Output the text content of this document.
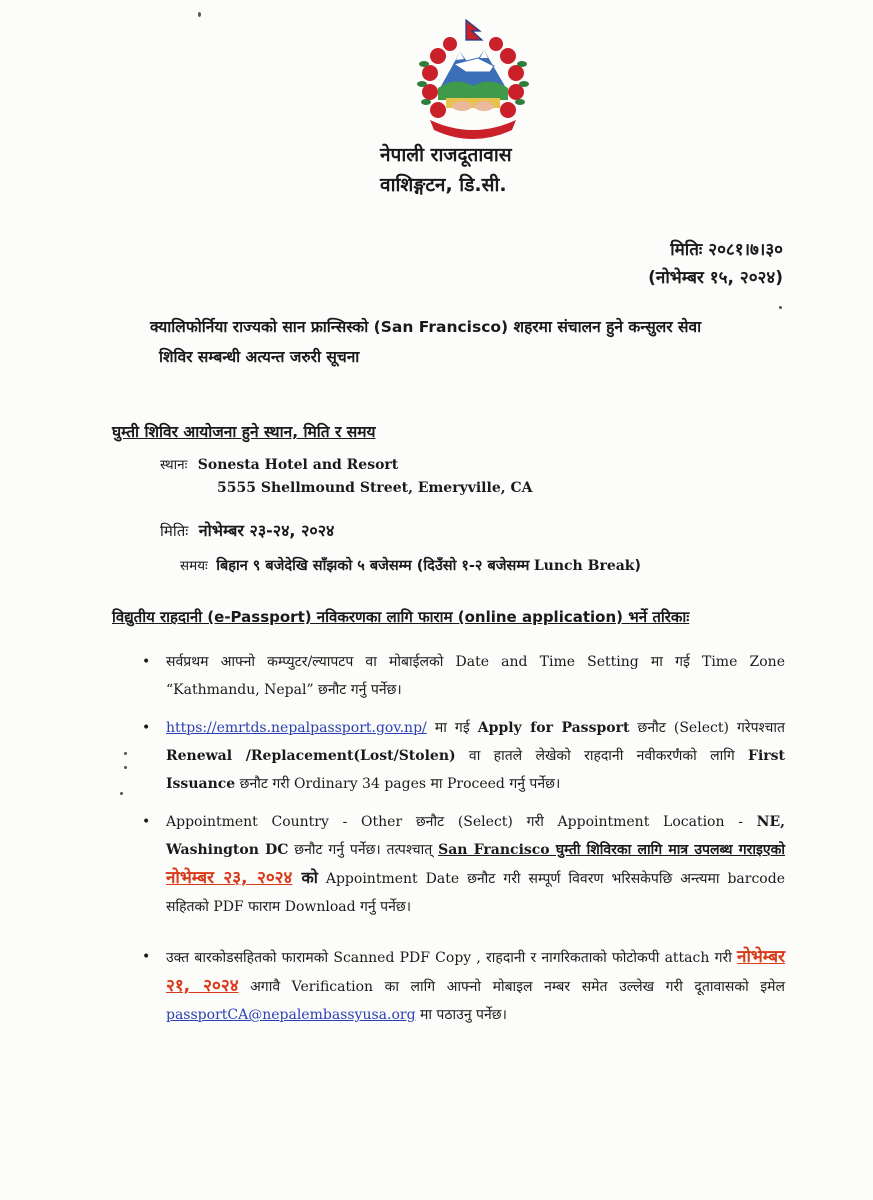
जननी जन्मभूमिश्च स्वर्गादपि गरीयसी
नेपाली राजदूतावास
वाशिङ्गटन, डि.सी.
मितिः २०८१।७।३०
(नोभेम्बर १५, २०२४)
क्यालिफोर्निया राज्यको सान फ्रान्सिस्को (San Francisco) शहरमा संचालन हुने कन्सुलर सेवा
शिविर सम्बन्धी अत्यन्त जरुरी सूचना
घुम्ती शिविर आयोजना हुने स्थान, मिति र समय
स्थानः Sonesta Hotel and Resort
5555 Shellmound Street, Emeryville, CA
मितिः नोभेम्बर २३-२४, २०२४
समयः बिहान ९ बजेदेखि साँझको ५ बजेसम्म (दिउँसो १-२ बजेसम्म Lunch Break)
विद्युतीय राहदानी (e-Passport) नविकरणका लागि फाराम (online application) भर्ने तरिकाः
• सर्वप्रथम आफ्नो कम्प्युटर/ल्यापटप वा मोबाईलको Date and Time Setting मा गई Time Zone “Kathmandu, Nepal” छनौट गर्नु पर्नेछ।
• https://emrtds.nepalpassport.gov.np/ मा गई Apply for Passport छनौट (Select) गरेपश्चात Renewal /Replacement(Lost/Stolen) वा हातले लेखेको राहदानी नवीकरणको लागि First Issuance छनौट गरी Ordinary 34 pages मा Proceed गर्नु पर्नेछ।
• Appointment Country - Other छनौट (Select) गरी Appointment Location - NE, Washington DC छनौट गर्नु पर्नेछ। तत्पश्चात् San Francisco घुम्ती शिविरका लागि मात्र उपलब्ध गराइएको नोभेम्बर २३, २०२४ को Appointment Date छनौट गरी सम्पूर्ण विवरण भरिसकेपछि अन्त्यमा barcode सहितको PDF फाराम Download गर्नु पर्नेछ।
• उक्त बारकोडसहितको फारामको Scanned PDF Copy , राहदानी र नागरिकताको फोटोकपी attach गरी नोभेम्बर २१, २०२४ अगावै Verification का लागि आफ्नो मोबाइल नम्बर समेत उल्लेख गरी दूतावासको इमेल passportCA@nepalembassyusa.org मा पठाउनु पर्नेछ।
